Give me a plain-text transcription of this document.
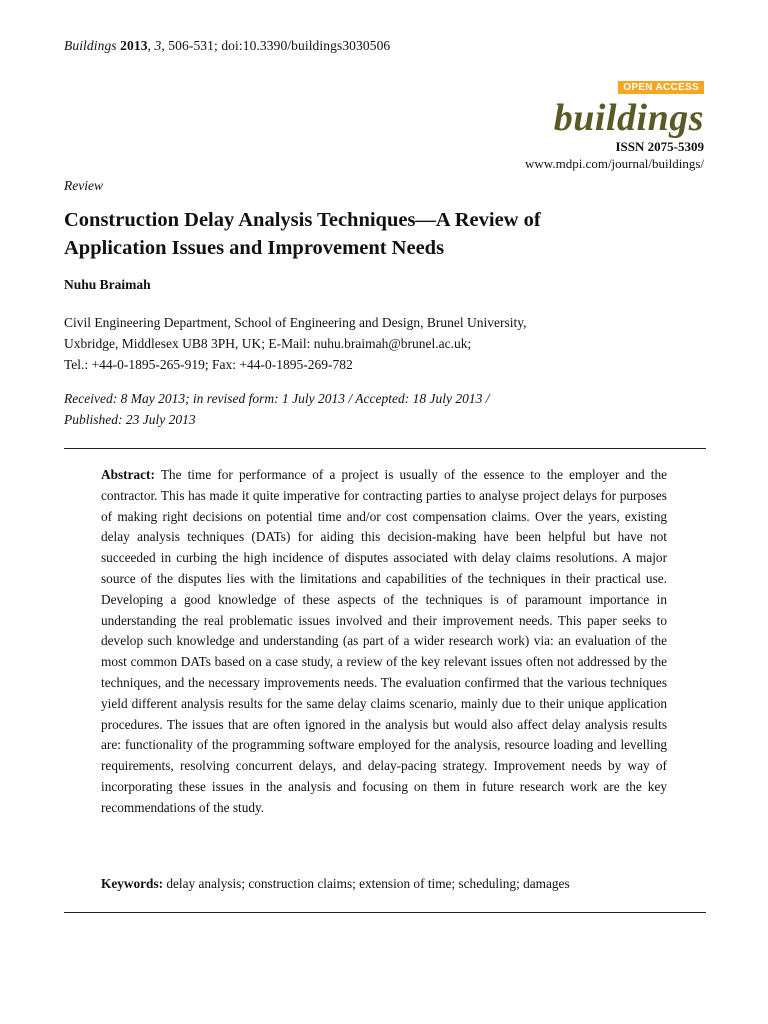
Buildings 2013, 3, 506-531; doi:10.3390/buildings3030506
OPEN ACCESS
buildings
ISSN 2075-5309
www.mdpi.com/journal/buildings/
Review
Construction Delay Analysis Techniques—A Review of
Application Issues and Improvement Needs
Nuhu Braimah
Civil Engineering Department, School of Engineering and Design, Brunel University,
Uxbridge, Middlesex UB8 3PH, UK; E-Mail: nuhu.braimah@brunel.ac.uk;
Tel.: +44-0-1895-265-919; Fax: +44-0-1895-269-782
Received: 8 May 2013; in revised form: 1 July 2013 / Accepted: 18 July 2013 /
Published: 23 July 2013

Abstract: The time for performance of a project is usually of the essence to the employer and the contractor. This has made it quite imperative for contracting parties to analyse project delays for purposes of making right decisions on potential time and/or cost compensation claims. Over the years, existing delay analysis techniques (DATs) for aiding this decision-making have been helpful but have not succeeded in curbing the high incidence of disputes associated with delay claims resolutions. A major source of the disputes lies with the limitations and capabilities of the techniques in their practical use. Developing a good knowledge of these aspects of the techniques is of paramount importance in understanding the real problematic issues involved and their improvement needs. This paper seeks to develop such knowledge and understanding (as part of a wider research work) via: an evaluation of the most common DATs based on a case study, a review of the key relevant issues often not addressed by the techniques, and the necessary improvements needs. The evaluation confirmed that the various techniques yield different analysis results for the same delay claims scenario, mainly due to their unique application procedures. The issues that are often ignored in the analysis but would also affect delay analysis results are: functionality of the programming software employed for the analysis, resource loading and levelling requirements, resolving concurrent delays, and delay-pacing strategy. Improvement needs by way of incorporating these issues in the analysis and focusing on them in future research work are the key recommendations of the study.

Keywords: delay analysis; construction claims; extension of time; scheduling; damages
